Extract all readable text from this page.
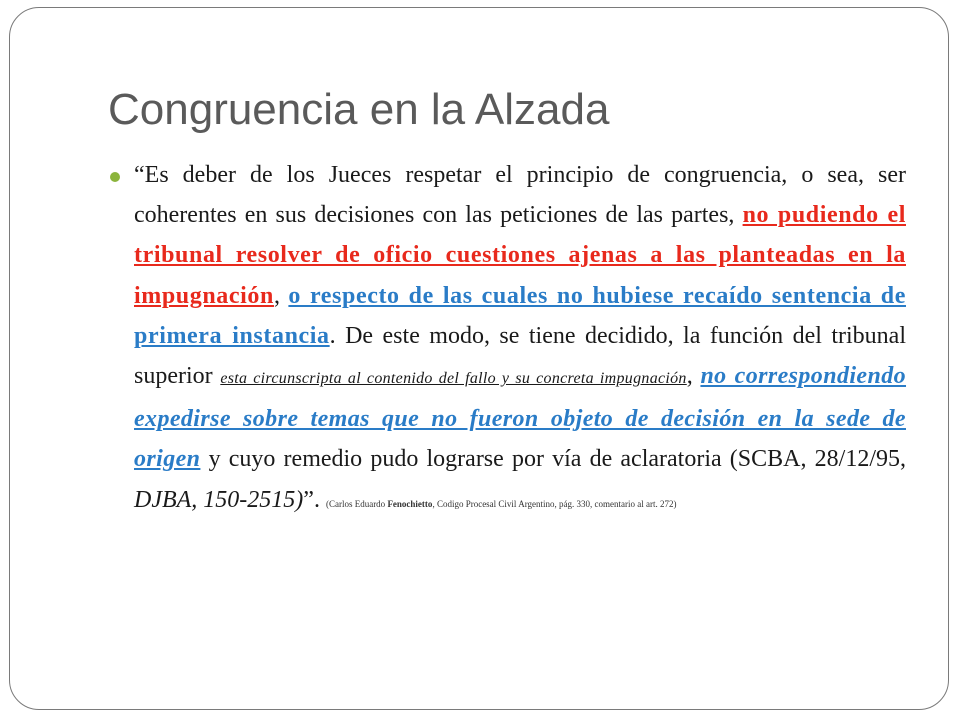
Congruencia en la Alzada

“Es deber de los Jueces respetar el principio de congruencia, o sea, ser coherentes en sus decisiones con las peticiones de las partes, no pudiendo el tribunal resolver de oficio cuestiones ajenas a las planteadas en la impugnación, o respecto de las cuales no hubiese recaído sentencia de primera instancia. De este modo, se tiene decidido, la función del tribunal superior esta circunscripta al contenido del fallo y su concreta impugnación, no correspondiendo expedirse sobre temas que no fueron objeto de decisión en la sede de origen y cuyo remedio pudo lograrse por vía de aclaratoria (SCBA, 28/12/95, DJBA, 150-2515)”. (Carlos Eduardo Fenochietto, Codigo Procesal Civil Argentino, pág. 330, comentario al art. 272)
